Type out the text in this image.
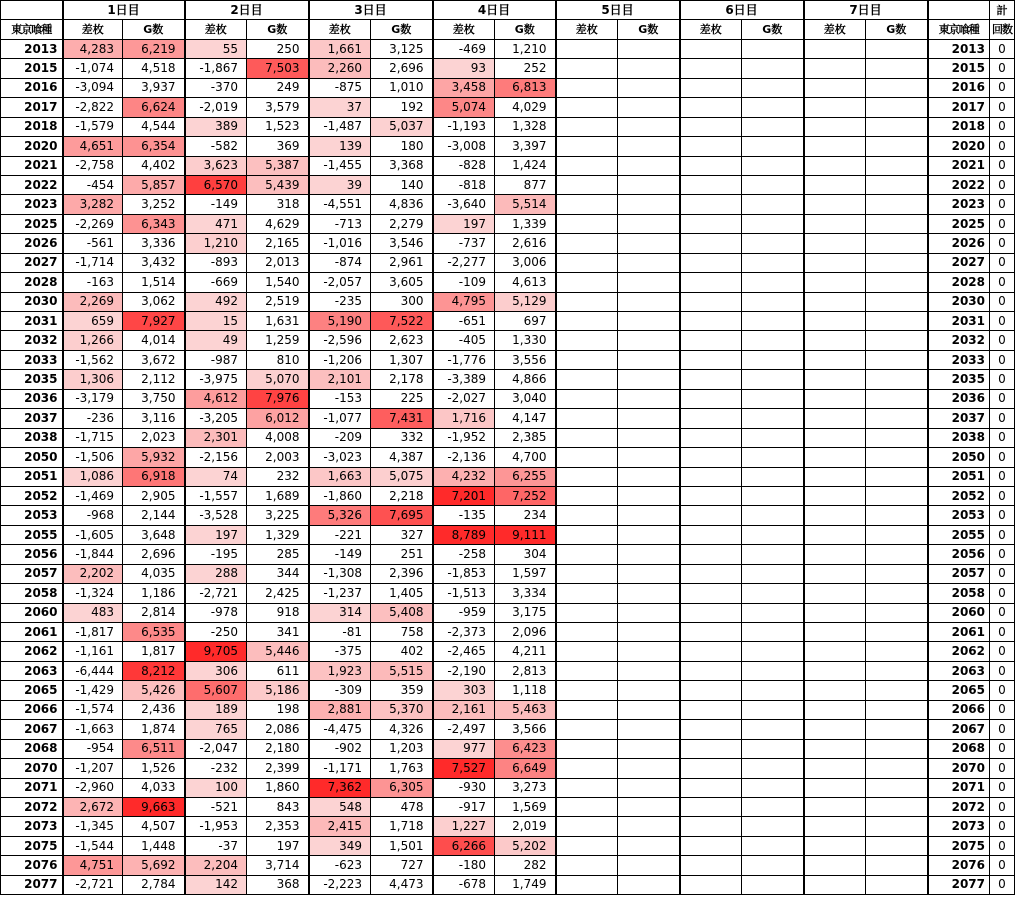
	1日目		2日目		3日目		4日目		5日目		6日目		7日目			計
東京喰種	差枚	G数	差枚	G数	差枚	G数	差枚	G数	差枚	G数	差枚	G数	差枚	G数	東京喰種	回数
2013	4,283	6,219	55	250	1,661	3,125	-469	1,210							2013	0
2015	-1,074	4,518	-1,867	7,503	2,260	2,696	93	252							2015	0
2016	-3,094	3,937	-370	249	-875	1,010	3,458	6,813							2016	0
2017	-2,822	6,624	-2,019	3,579	37	192	5,074	4,029							2017	0
2018	-1,579	4,544	389	1,523	-1,487	5,037	-1,193	1,328							2018	0
2020	4,651	6,354	-582	369	139	180	-3,008	3,397							2020	0
2021	-2,758	4,402	3,623	5,387	-1,455	3,368	-828	1,424							2021	0
2022	-454	5,857	6,570	5,439	39	140	-818	877							2022	0
2023	3,282	3,252	-149	318	-4,551	4,836	-3,640	5,514							2023	0
2025	-2,269	6,343	471	4,629	-713	2,279	197	1,339							2025	0
2026	-561	3,336	1,210	2,165	-1,016	3,546	-737	2,616							2026	0
2027	-1,714	3,432	-893	2,013	-874	2,961	-2,277	3,006							2027	0
2028	-163	1,514	-669	1,540	-2,057	3,605	-109	4,613							2028	0
2030	2,269	3,062	492	2,519	-235	300	4,795	5,129							2030	0
2031	659	7,927	15	1,631	5,190	7,522	-651	697							2031	0
2032	1,266	4,014	49	1,259	-2,596	2,623	-405	1,330							2032	0
2033	-1,562	3,672	-987	810	-1,206	1,307	-1,776	3,556							2033	0
2035	1,306	2,112	-3,975	5,070	2,101	2,178	-3,389	4,866							2035	0
2036	-3,179	3,750	4,612	7,976	-153	225	-2,027	3,040							2036	0
2037	-236	3,116	-3,205	6,012	-1,077	7,431	1,716	4,147							2037	0
2038	-1,715	2,023	2,301	4,008	-209	332	-1,952	2,385							2038	0
2050	-1,506	5,932	-2,156	2,003	-3,023	4,387	-2,136	4,700							2050	0
2051	1,086	6,918	74	232	1,663	5,075	4,232	6,255							2051	0
2052	-1,469	2,905	-1,557	1,689	-1,860	2,218	7,201	7,252							2052	0
2053	-968	2,144	-3,528	3,225	5,326	7,695	-135	234							2053	0
2055	-1,605	3,648	197	1,329	-221	327	8,789	9,111							2055	0
2056	-1,844	2,696	-195	285	-149	251	-258	304							2056	0
2057	2,202	4,035	288	344	-1,308	2,396	-1,853	1,597							2057	0
2058	-1,324	1,186	-2,721	2,425	-1,237	1,405	-1,513	3,334							2058	0
2060	483	2,814	-978	918	314	5,408	-959	3,175							2060	0
2061	-1,817	6,535	-250	341	-81	758	-2,373	2,096							2061	0
2062	-1,161	1,817	9,705	5,446	-375	402	-2,465	4,211							2062	0
2063	-6,444	8,212	306	611	1,923	5,515	-2,190	2,813							2063	0
2065	-1,429	5,426	5,607	5,186	-309	359	303	1,118							2065	0
2066	-1,574	2,436	189	198	2,881	5,370	2,161	5,463							2066	0
2067	-1,663	1,874	765	2,086	-4,475	4,326	-2,497	3,566							2067	0
2068	-954	6,511	-2,047	2,180	-902	1,203	977	6,423							2068	0
2070	-1,207	1,526	-232	2,399	-1,171	1,763	7,527	6,649							2070	0
2071	-2,960	4,033	100	1,860	7,362	6,305	-930	3,273							2071	0
2072	2,672	9,663	-521	843	548	478	-917	1,569							2072	0
2073	-1,345	4,507	-1,953	2,353	2,415	1,718	1,227	2,019							2073	0
2075	-1,544	1,448	-37	197	349	1,501	6,266	5,202							2075	0
2076	4,751	5,692	2,204	3,714	-623	727	-180	282							2076	0
2077	-2,721	2,784	142	368	-2,223	4,473	-678	1,749							2077	0
